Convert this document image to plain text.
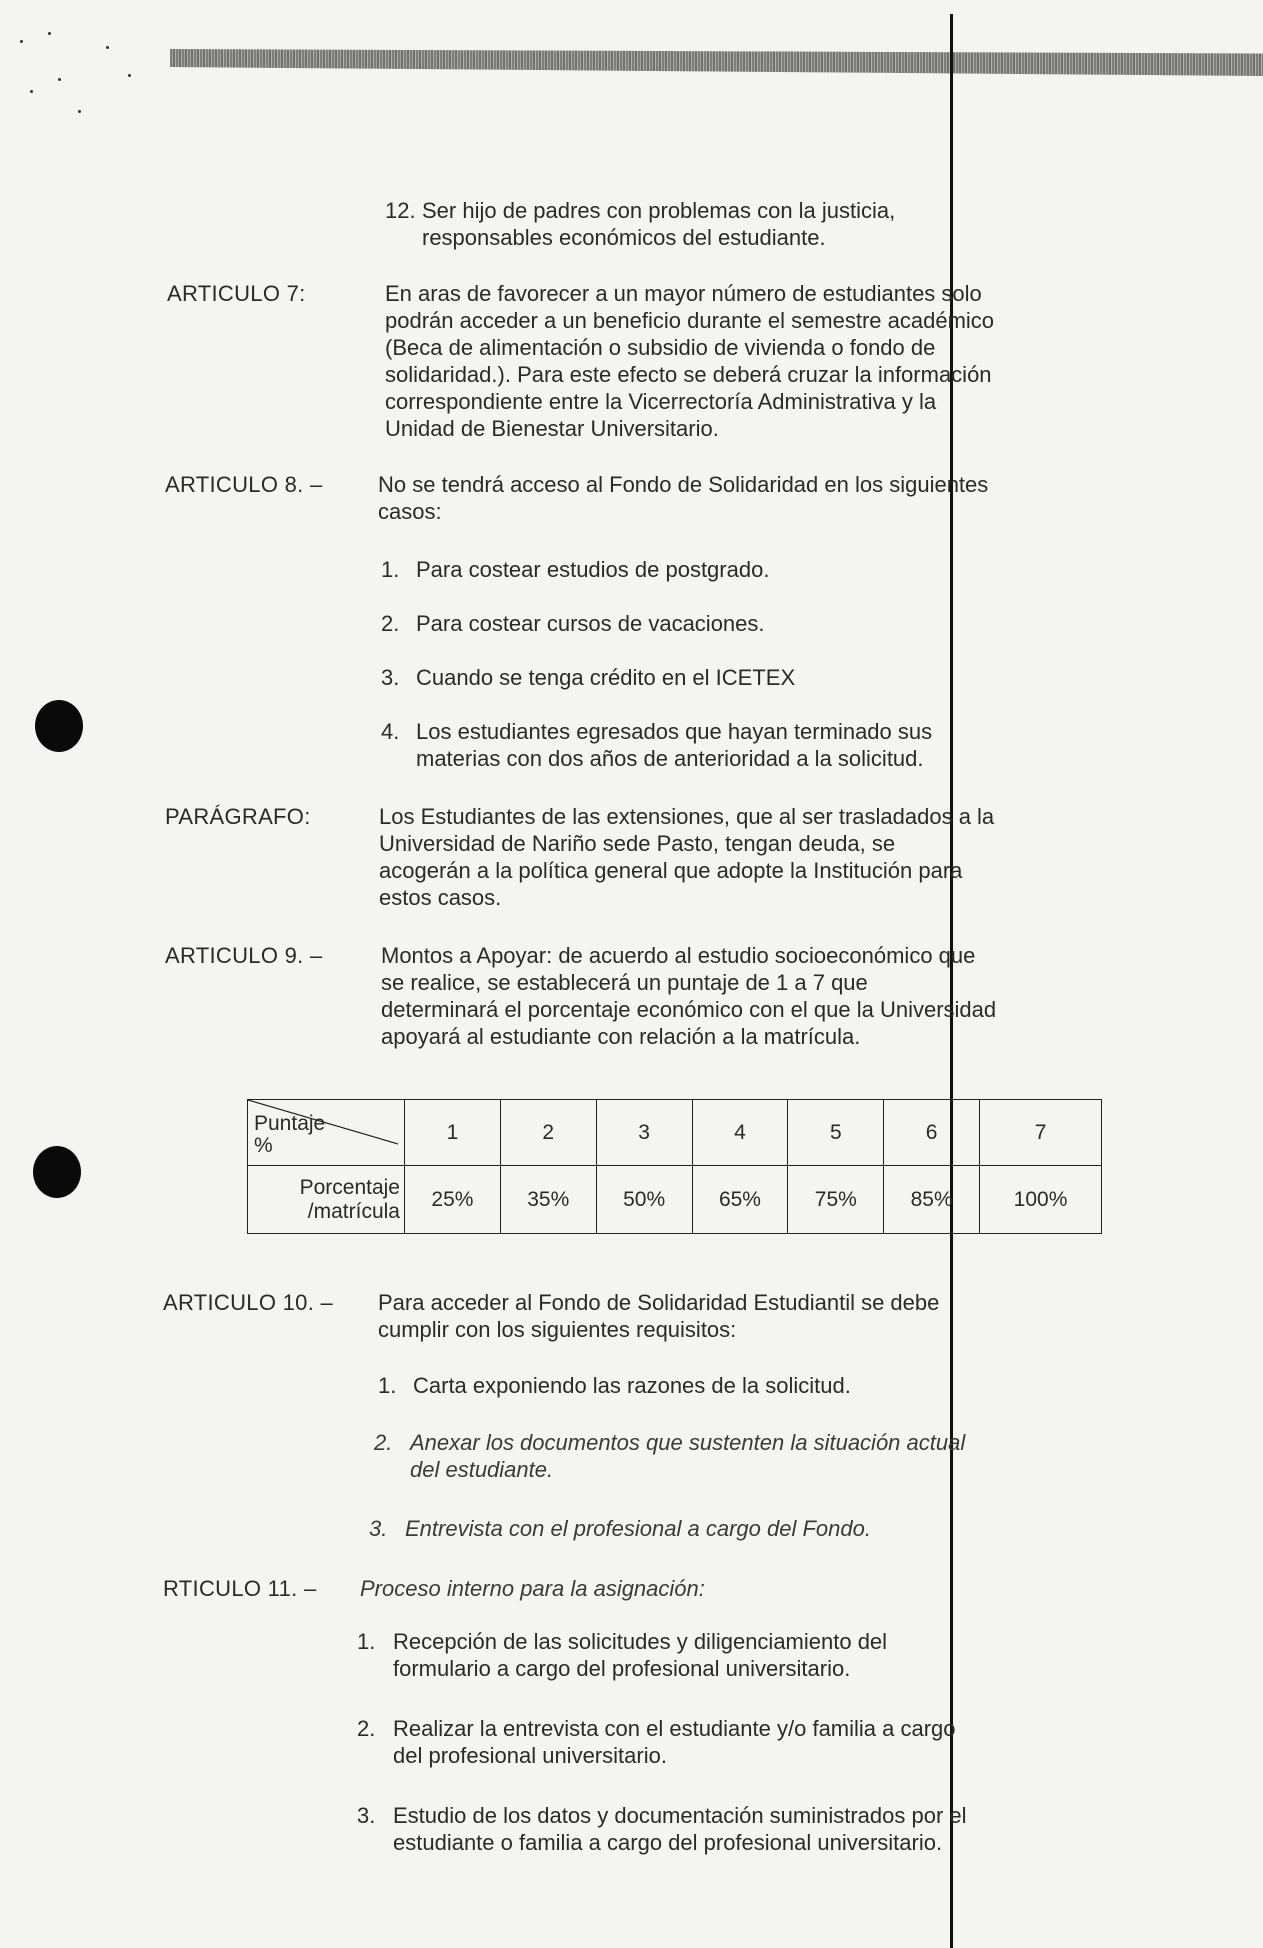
12. Ser hijo de padres con problemas con la justicia,
responsables económicos del estudiante.
ARTICULO 7:	En aras de favorecer a un mayor número de estudiantes solo
podrán acceder a un beneficio durante el semestre académico
(Beca de alimentación o subsidio de vivienda o fondo de
solidaridad.). Para este efecto se deberá cruzar la información
correspondiente entre la Vicerrectoría Administrativa y la
Unidad de Bienestar Universitario.
ARTICULO 8. –	No se tendrá acceso al Fondo de Solidaridad en los siguientes
casos:
1. Para costear estudios de postgrado.
2. Para costear cursos de vacaciones.
3. Cuando se tenga crédito en el ICETEX
4. Los estudiantes egresados que hayan terminado sus
materias con dos años de anterioridad a la solicitud.
PARÁGRAFO:	Los Estudiantes de las extensiones, que al ser trasladados a la
Universidad de Nariño sede Pasto, tengan deuda, se
acogerán a la política general que adopte la Institución para
estos casos.
ARTICULO 9. –	Montos a Apoyar: de acuerdo al estudio socioeconómico que
se realice, se establecerá un puntaje de 1 a 7 que
determinará el porcentaje económico con el que la Universidad
apoyará al estudiante con relación a la matrícula.
Puntaje
%	1	2	3	4	5	6	7

Porcentaje
/matrícula	25%	35%	50%	65%	75%	85%	100%
ARTICULO 10. – Para acceder al Fondo de Solidaridad Estudiantil se debe
cumplir con los siguientes requisitos:
1. Carta exponiendo las razones de la solicitud.
2. Anexar los documentos que sustenten la situación actual
del estudiante.
3. Entrevista con el profesional a cargo del Fondo.
RTICULO 11. – Proceso interno para la asignación:
1. Recepción de las solicitudes y diligenciamiento del
formulario a cargo del profesional universitario.
2. Realizar la entrevista con el estudiante y/o familia a cargo
del profesional universitario.
3. Estudio de los datos y documentación suministrados por el
estudiante o familia a cargo del profesional universitario.
